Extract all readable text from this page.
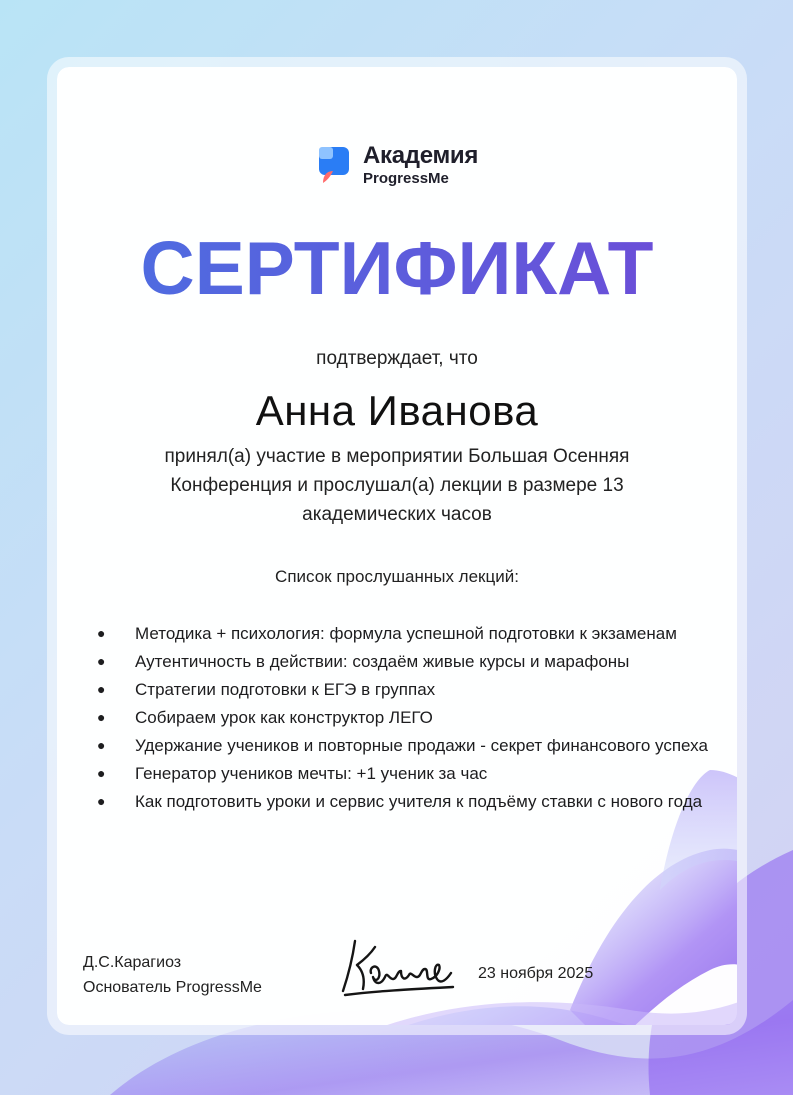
Академия
ProgressMe
СЕРТИФИКАТ
подтверждает, что
Анна Иванова
принял(а) участие в мероприятии Большая Осенняя Конференция и прослушал(а) лекции в размере 13 академических часов
Список прослушанных лекций:
● Методика + психология: формула успешной подготовки к экзаменам
● Аутентичность в действии: создаём живые курсы и марафоны
● Стратегии подготовки к ЕГЭ в группах
● Собираем урок как конструктор ЛЕГО
● Удержание учеников и повторные продажи - секрет финансового успеха
● Генератор учеников мечты: +1 ученик за час
● Как подготовить уроки и сервис учителя к подъёму ставки с нового года
Д.С.Карагиоз
Основатель ProgressMe
23 ноября 2025
